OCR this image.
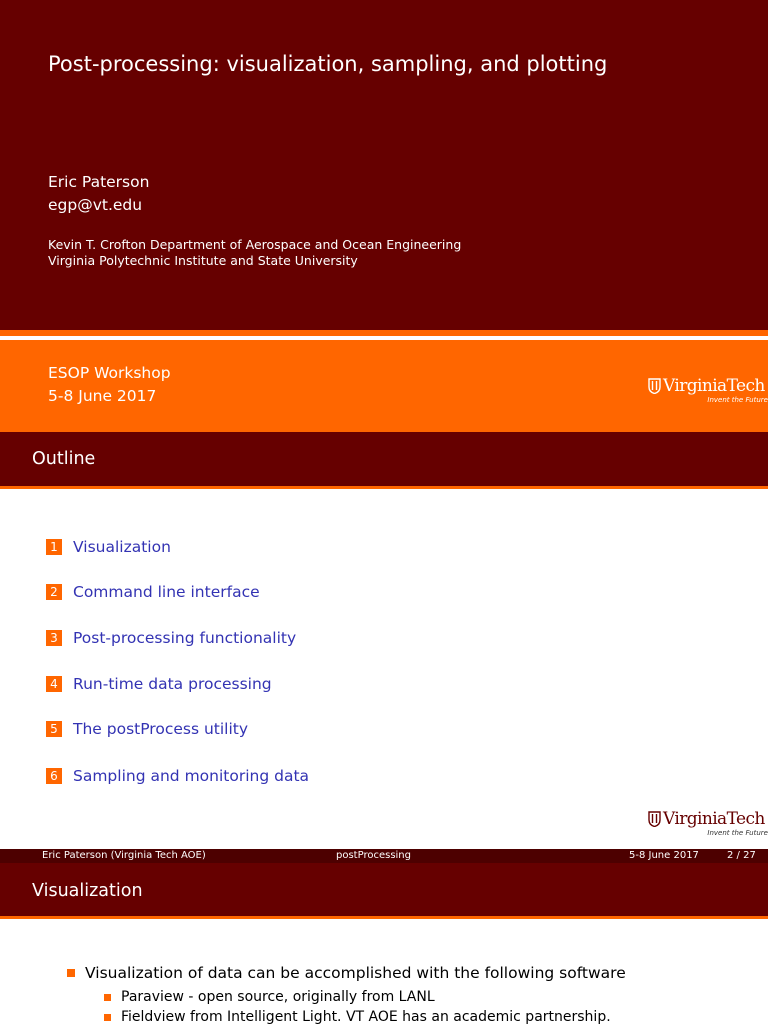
Post-processing: visualization, sampling, and plotting
Eric Paterson
egp@vt.edu
Kevin T. Crofton Department of Aerospace and Ocean Engineering
Virginia Polytechnic Institute and State University
ESOP Workshop
5-8 June 2017	VirginiaTech
Invent the Future
Outline
1 Visualization
2 Command line interface
3 Post-processing functionality
4 Run-time data processing
5 The postProcess utility
6 Sampling and monitoring data
VirginiaTech
Invent the Future
Eric Paterson (Virginia Tech AOE)	postProcessing	5-8 June 2017	2 / 27
Visualization
Visualization of data can be accomplished with the following software
Paraview - open source, originally from LANL
Fieldview from Intelligent Light. VT AOE has an academic partnership.
